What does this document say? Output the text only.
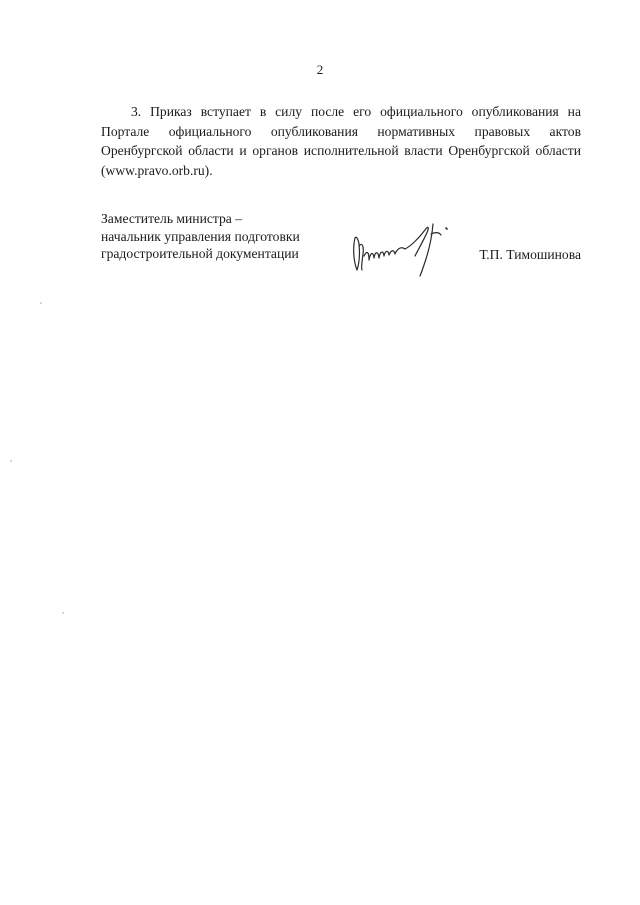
2

3. Приказ вступает в силу после его официального опубликования на Портале официального опубликования нормативных правовых актов Оренбургской области и органов исполнительной власти Оренбургской области (www.pravo.orb.ru).

Заместитель министра –
начальник управления подготовки
градостроительной документации	Т.П. Тимошинова
